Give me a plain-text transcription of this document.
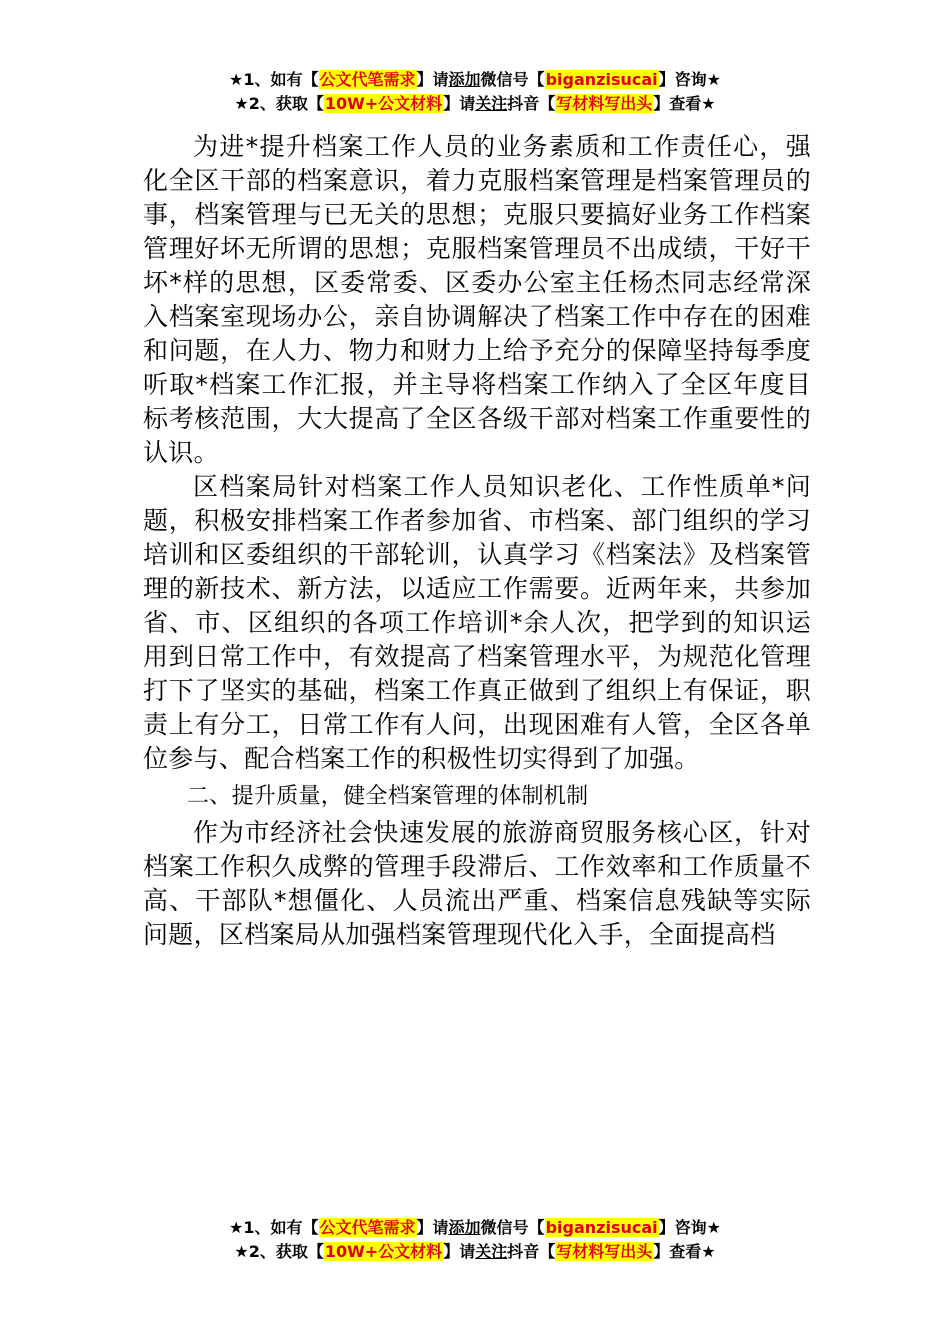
★1、如有【公文代笔需求】请添加微信号【biganzisucai】咨询★
★2、获取【10W+公文材料】请关注抖音【写材料写出头】查看★

为进*提升档案工作人员的业务素质和工作责任心，强化全区干部的档案意识，着力克服档案管理是档案管理员的事，档案管理与已无关的思想；克服只要搞好业务工作档案管理好坏无所谓的思想；克服档案管理员不出成绩，干好干坏*样的思想，区委常委、区委办公室主任杨杰同志经常深入档案室现场办公，亲自协调解决了档案工作中存在的困难和问题，在人力、物力和财力上给予充分的保障坚持每季度听取*档案工作汇报，并主导将档案工作纳入了全区年度目标考核范围，大大提高了全区各级干部对档案工作重要性的认识。

区档案局针对档案工作人员知识老化、工作性质单*问题，积极安排档案工作者参加省、市档案、部门组织的学习培训和区委组织的干部轮训，认真学习《档案法》及档案管理的新技术、新方法，以适应工作需要。近两年来，共参加省、市、区组织的各项工作培训*余人次，把学到的知识运用到日常工作中，有效提高了档案管理水平，为规范化管理打下了坚实的基础，档案工作真正做到了组织上有保证，职责上有分工，日常工作有人问，出现困难有人管，全区各单位参与、配合档案工作的积极性切实得到了加强。

二、提升质量，健全档案管理的体制机制

作为市经济社会快速发展的旅游商贸服务核心区，针对档案工作积久成弊的管理手段滞后、工作效率和工作质量不高、干部队*想僵化、人员流出严重、档案信息残缺等实际问题，区档案局从加强档案管理现代化入手，全面提高档

★1、如有【公文代笔需求】请添加微信号【biganzisucai】咨询★
★2、获取【10W+公文材料】请关注抖音【写材料写出头】查看★
